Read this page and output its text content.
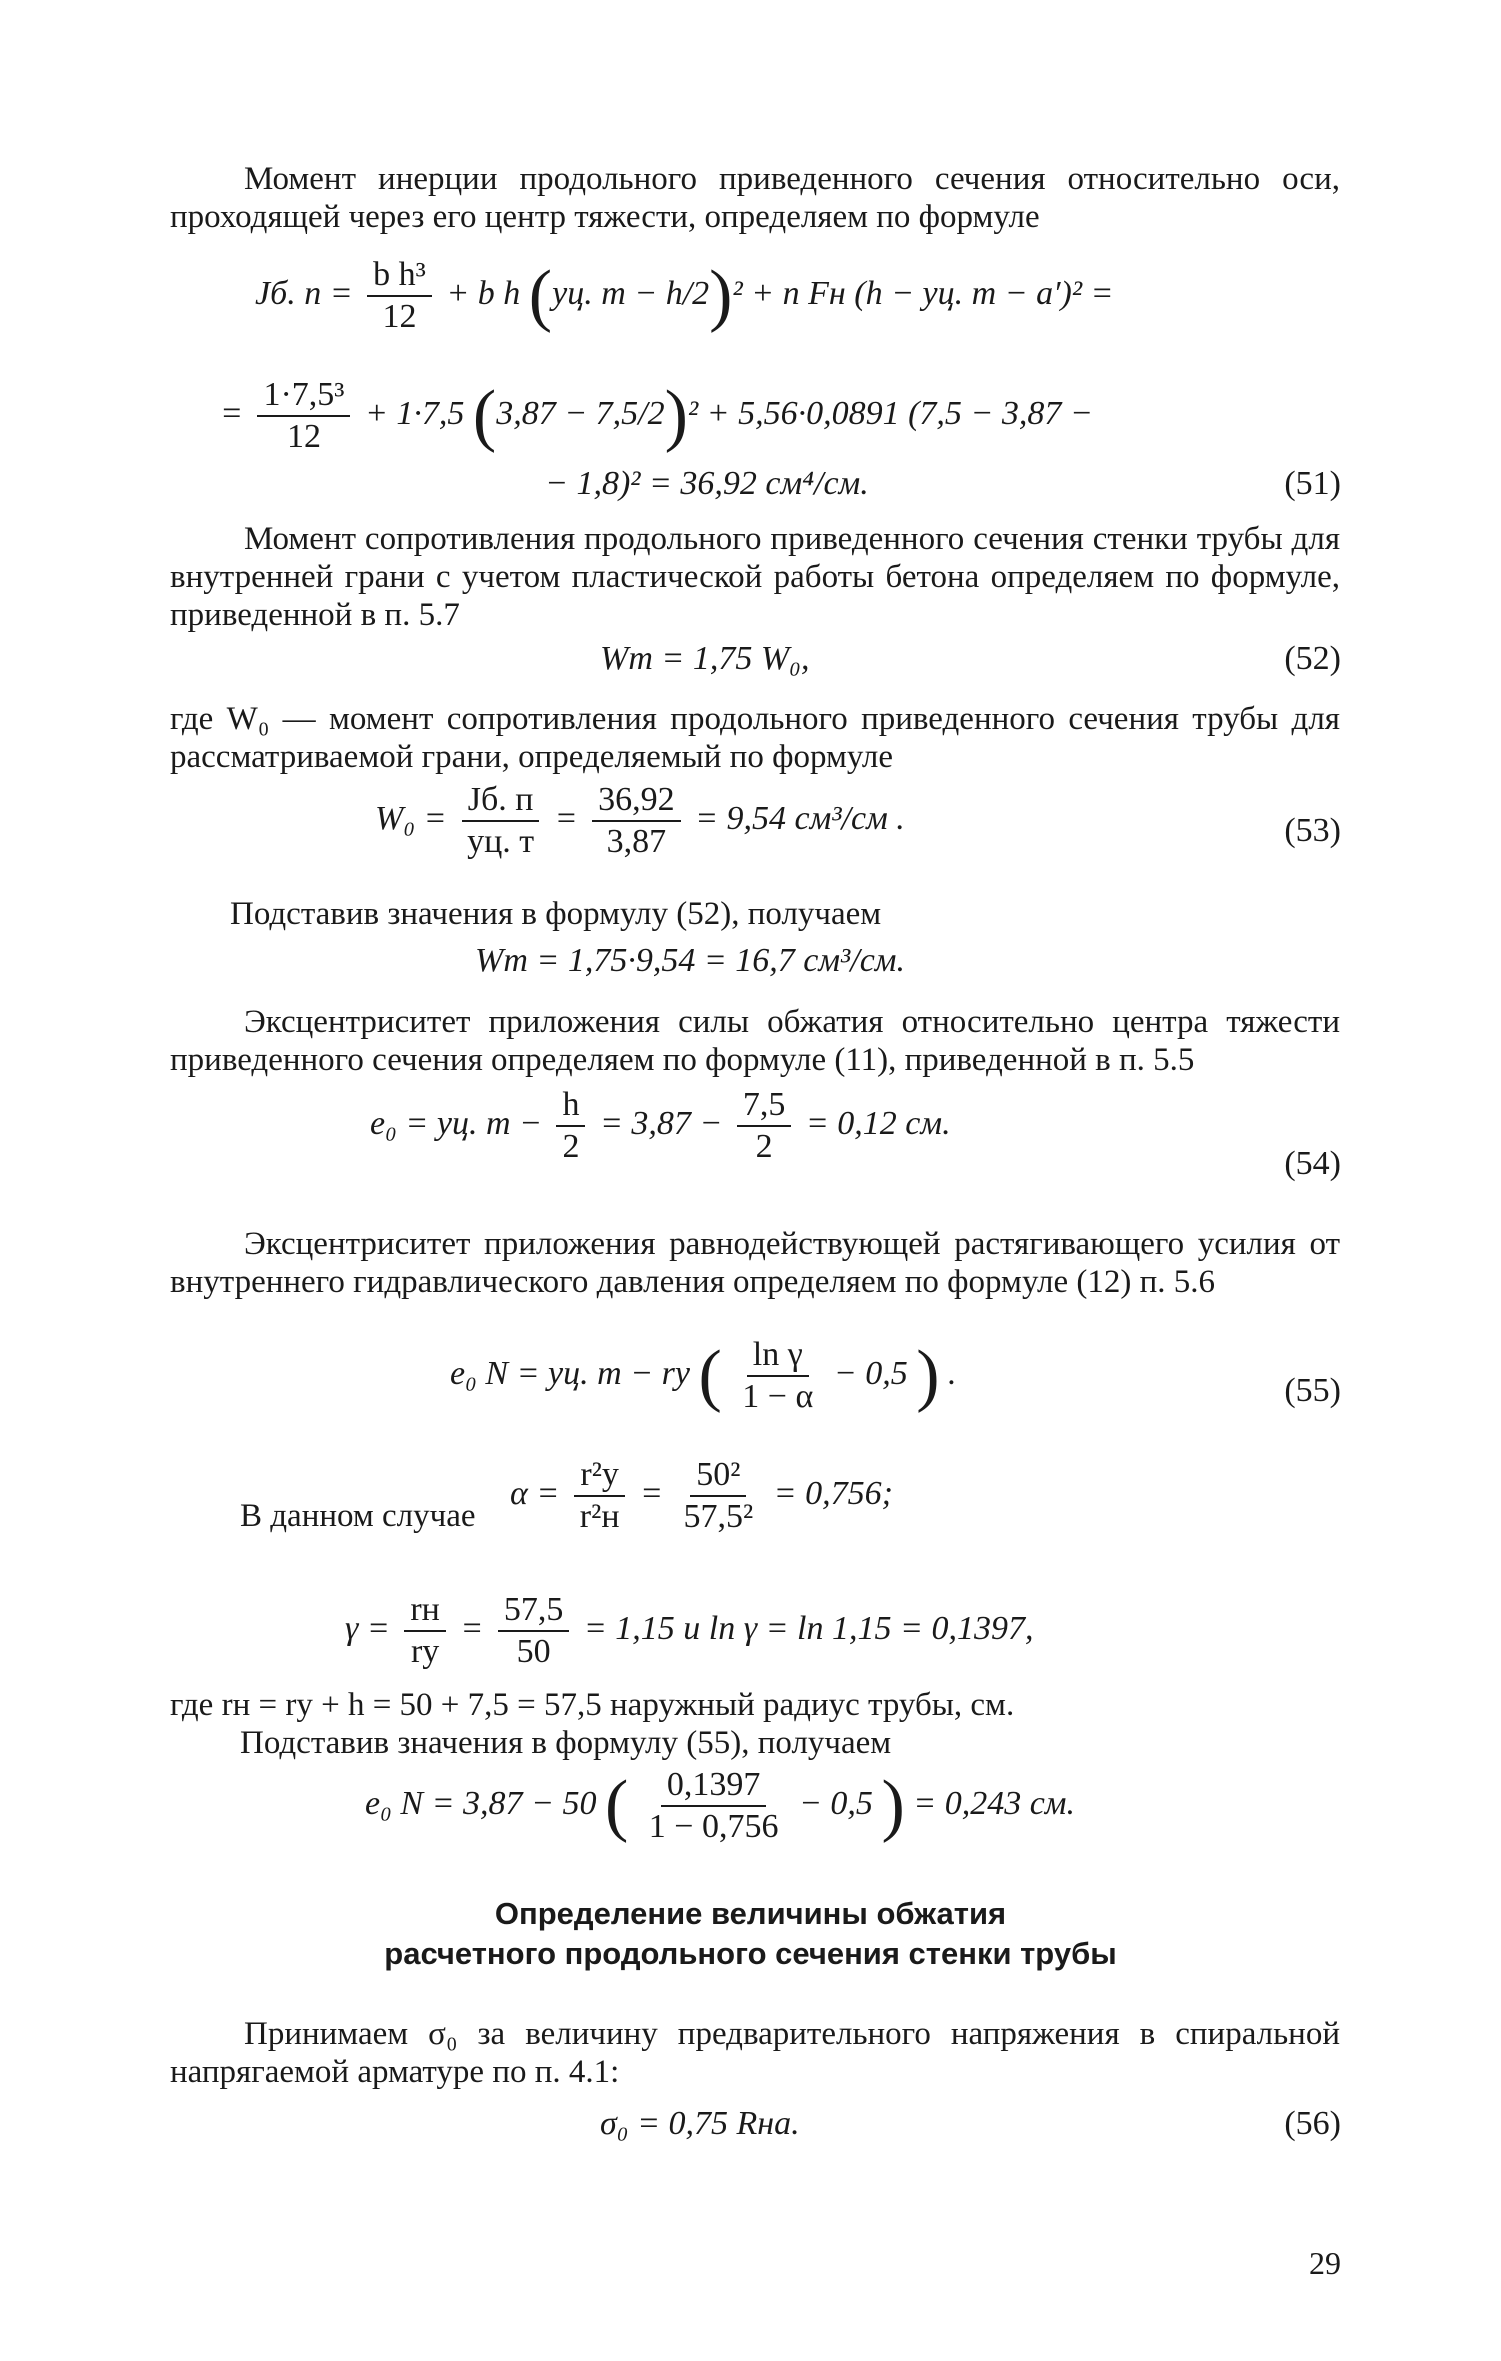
Момент инерции продольного приведенного сечения относительно оси, проходящей через его центр тяжести, определяем по формуле
Jб. $п = \frac{\text{b h³}}{12} + b$ h (yц. т − h/2)² + n Fн (h − yц. т − a′)² =
= $\frac{\text{1·7,5³}}{12} + 1\cdot 7,5$ (3,87 − 7,5/2)² + 5,56·0,0891 (7,5 − 3,87 −
− 1,8)² = 36,92 см⁴/см.	(51)
Момент сопротивления продольного приведенного сечения стенки трубы для внутренней грани с учетом пластической работы бетона определяем по формуле, приведенной в п. 5.7
Wт = 1,75 W₀,	(52)
где W₀ — момент сопротивления продольного приведенного сечения трубы для рассматриваемой грани, определяемый по формуле
$W_0 = \frac{Jб. п}{yц. т} = \frac{36,92}{3,87} = 9,54$ см³/см .	(53)
Подставив значения в формулу (52), получаем
Wт = 1,75·9,54 = 16,7 см³/см.
Эксцентриситет приложения силы обжатия относительно центра тяжести приведенного сечения определяем по формуле (11), приведенной в п. 5.5
e₀ = yц. $т - \frac{h}{2} = 3,87 - \frac{7,5}{2} = 0,12$ см.
(54)
Эксцентриситет приложения равнодействующей растягивающего усилия от внутреннего гидравлического давления определяем по формуле (12) п. 5.6
e₀ N = yц. т − rу ( $\frac{\text{ln γ}}{1 - \alpha} - 0,5$ ) .	(55)
В данном случае
$\alpha = \frac{\text{r²у}}{\text{r²н}} = \frac{\text{50²}}{\text{57,5²}} = 0,756$;
$\gamma = \frac{rн}{rу} = \frac{57,5}{50} = 1,15$ и ln γ = ln 1,15 = 0,1397,
где rн = rу + h = 50 + 7,5 = 57,5 наружный радиус трубы, см.
Подставив значения в формулу (55), получаем
e₀ N = 3,87 − 50 ( $\frac{0,1397}{1 - 0,756} - 0,5$ ) = 0,243 см.
Определение величины обжатия
расчетного продольного сечения стенки трубы
Принимаем σ₀ за величину предварительного напряжения в спиральной напрягаемой арматуре по п. 4.1:
σ₀ = 0,75 Rна.	(56)
29
